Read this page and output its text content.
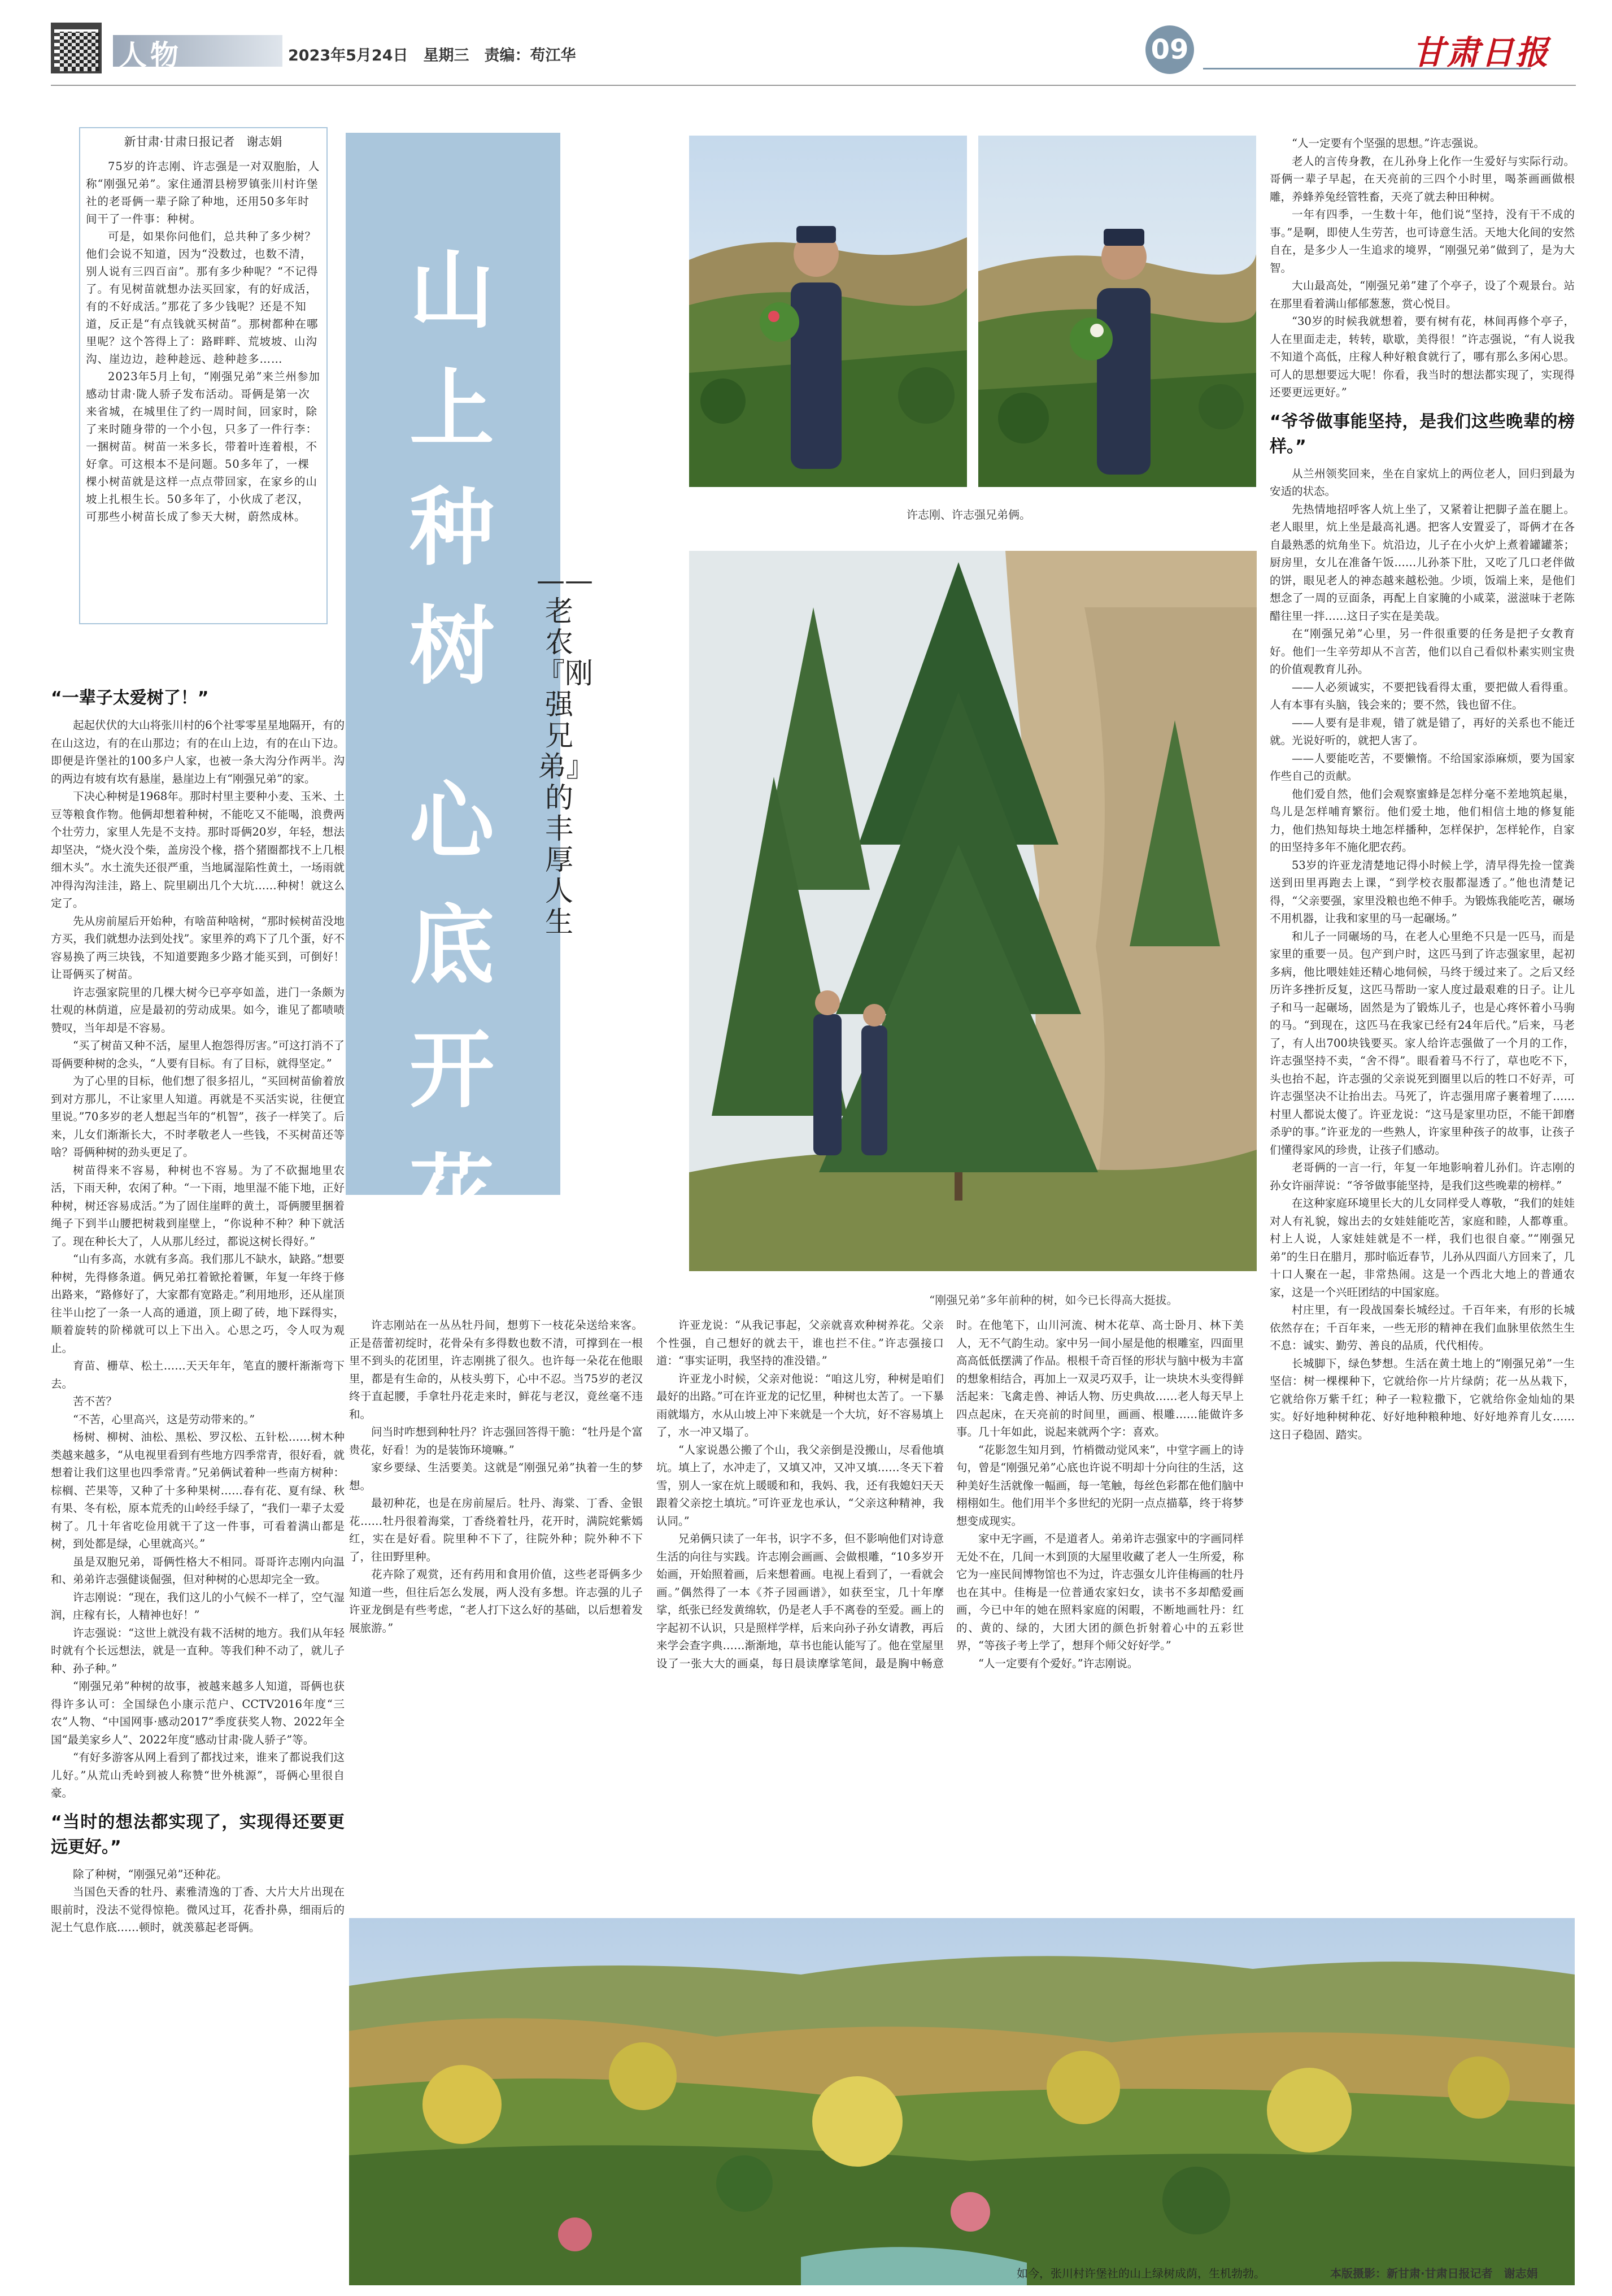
人物	2023年5月24日　星期三　责编：苟江华	09	甘肃日报
新甘肃·甘肃日报记者　谢志娟

75岁的许志刚、许志强是一对双胞胎，人称“刚强兄弟”。家住通渭县榜罗镇张川村许堡社的老哥俩一辈子除了种地，还用50多年时间干了一件事：种树。

可是，如果你问他们，总共种了多少树？他们会说不知道，因为“没数过，也数不清，别人说有三四百亩”。那有多少种呢？“不记得了。有见树苗就想办法买回家，有的好成活，有的不好成活。”那花了多少钱呢？还是不知道，反正是“有点钱就买树苗”。那树都种在哪里呢？这个答得上了：路畔畔、荒坡坡、山沟沟、崖边边，趁种趁远、趁种趁多……

2023年5月上旬，“刚强兄弟”来兰州参加感动甘肃·陇人骄子发布活动。哥俩是第一次来省城，在城里住了约一周时间，回家时，除了来时随身带的一个小包，只多了一件行李：一捆树苗。树苗一米多长，带着叶连着根，不好拿。可这根本不是问题。50多年了，一棵棵小树苗就是这样一点点带回家，在家乡的山坡上扎根生长。50多年了，小伙成了老汉，可那些小树苗长成了参天大树，蔚然成林。

山
上
种
树
心
底
开
花
——老农『刚强兄弟』的丰厚人生
许志刚、许志强兄弟俩。
“刚强兄弟”多年前种的树，如今已长得高大挺拔。
“一辈子太爱树了！”

起起伏伏的大山将张川村的6个社零零星星地隔开，有的在山这边，有的在山那边；有的在山上边，有的在山下边。即便是许堡社的100多户人家，也被一条大沟分作两半。沟的两边有坡有坎有悬崖，悬崖边上有“刚强兄弟”的家。

下决心种树是1968年。那时村里主要种小麦、玉米、土豆等粮食作物。他俩却想着种树，不能吃又不能喝，浪费两个壮劳力，家里人先是不支持。那时哥俩20岁，年轻，想法却坚决，“烧火没个柴，盖房没个椽，搭个猪圈都找不上几根细木头”。水土流失还很严重，当地属湿陷性黄土，一场雨就冲得沟沟洼洼，路上、院里刷出几个大坑……种树！就这么定了。

先从房前屋后开始种，有啥苗种啥树，“那时候树苗没地方买，我们就想办法到处找”。家里养的鸡下了几个蛋，好不容易换了两三块钱，不知道要跑多少路才能买到，可倒好！让哥俩买了树苗。

许志强家院里的几棵大树今已亭亭如盖，进门一条颇为壮观的林荫道，应是最初的劳动成果。如今，谁见了都啧啧赞叹，当年却是不容易。

“买了树苗又种不活，屋里人抱怨得厉害。”可这打消不了哥俩要种树的念头，“人要有目标。有了目标，就得坚定。”

为了心里的目标，他们想了很多招儿，“买回树苗偷着放到对方那儿，不让家里人知道。再就是不买活实说，往便宜里说。”70多岁的老人想起当年的“机智”，孩子一样笑了。后来，儿女们渐渐长大，不时孝敬老人一些钱，不买树苗还等啥？哥俩种树的劲头更足了。

树苗得来不容易，种树也不容易。为了不砍掘地里农活，下雨天种，农闲了种。“一下雨，地里湿不能下地，正好种树，树还容易成活。”为了固住崖畔的黄土，哥俩腰里捆着绳子下到半山腰把树栽到崖壁上，“你说种不种？种下就活了。现在种长大了，人从那儿经过，都说这树长得好。”

“山有多高，水就有多高。我们那儿不缺水，缺路。”想要种树，先得修条道。俩兄弟扛着锨抡着镢，年复一年终于修出路来，“路修好了，大家都有宽路走。”利用地形，还从崖顶往半山挖了一条一人高的通道，顶上砌了砖，地下踩得实，顺着旋转的阶梯就可以上下出入。心思之巧，令人叹为观止。

育苗、栅草、松土……天天年年，笔直的腰杆渐渐弯下去。

苦不苦？

“不苦，心里高兴，这是劳动带来的。”

杨树、柳树、油松、黑松、罗汉松、五针松……树木种类越来越多，“从电视里看到有些地方四季常青，很好看，就想着让我们这里也四季常青。”兄弟俩试着种一些南方树种：棕榈、芒果等，又种了十多种果树……春有花、夏有绿、秋有果、冬有松，原本荒秃的山岭经手绿了，“我们一辈子太爱树了。几十年省吃俭用就干了这一件事，可看着满山都是树，到处都是绿，心里就高兴。”

虽是双胞兄弟，哥俩性格大不相同。哥哥许志刚内向温和、弟弟许志强健谈倔强，但对种树的心思却完全一致。

许志刚说：“现在，我们这儿的小气候不一样了，空气湿润，庄稼有长，人精神也好！”

许志强说：“这世上就没有栽不活树的地方。我们从年轻时就有个长远想法，就是一直种。等我们种不动了，就儿子种、孙子种。”

“刚强兄弟”种树的故事，被越来越多人知道，哥俩也获得许多认可：全国绿色小康示范户、CCTV2016年度“三农”人物、“中国网事·感动2017”季度获奖人物、2022年全国“最美家乡人”、2022年度“感动甘肃·陇人骄子”等。

“有好多游客从网上看到了都找过来，谁来了都说我们这儿好。”从荒山秃岭到被人称赞“世外桃源”，哥俩心里很自豪。

“当时的想法都实现了，实现得还要更远更好。”

除了种树，“刚强兄弟”还种花。

当国色天香的牡丹、素雅清逸的丁香、大片大片出现在眼前时，没法不觉得惊艳。微风过耳，花香扑鼻，细雨后的泥土气息作底……顿时，就羡慕起老哥俩。

许志刚站在一丛丛牡丹间，想剪下一枝花朵送给来客。正是蓓蕾初绽时，花骨朵有多得数也数不清，可撑到在一根里不到头的花团里，许志刚挑了很久。也许每一朵花在他眼里，都是有生命的，从枝头剪下，心中不忍。当75岁的老汉终于直起腰，手拿牡丹花走来时，鲜花与老汉，竟丝毫不违和。

问当时咋想到种牡丹？许志强回答得干脆：“牡丹是个富贵花，好看！为的是装饰环境嘛。”

家乡要绿、生活要美。这就是“刚强兄弟”执着一生的梦想。

最初种花，也是在房前屋后。牡丹、海棠、丁香、金银花……牡丹很着海棠，丁香绕着牡丹，花开时，满院姹紫嫣红，实在是好看。院里种不下了，往院外种；院外种不下了，往田野里种。

花卉除了观赏，还有药用和食用价值，这些老哥俩多少知道一些，但往后怎么发展，两人没有多想。许志强的儿子许亚龙倒是有些考虑，“老人打下这么好的基础，以后想着发展旅游。”

许亚龙说：“从我记事起，父亲就喜欢种树养花。父亲个性强，自己想好的就去干，谁也拦不住。”许志强接口道：“事实证明，我坚持的准没错。”

许亚龙小时候，父亲对他说：“咱这儿穷，种树是咱们最好的出路。”可在许亚龙的记忆里，种树也太苦了。一下暴雨就塌方，水从山坡上冲下来就是一个大坑，好不容易填上了，水一冲又塌了。

“人家说愚公搬了个山，我父亲倒是没搬山，尽看他填坑。填上了，水冲走了，又填又冲，又冲又填……冬天下着雪，别人一家在炕上暖暖和和，我妈、我，还有我媳妇天天跟着父亲挖土填坑。”可许亚龙也承认，“父亲这种精神，我认同。”

兄弟俩只读了一年书，识字不多，但不影响他们对诗意生活的向往与实践。许志刚会画画、会做根雕，“10多岁开始画，开始照着画，后来想着画。电视上看到了，一看就会画。”偶然得了一本《芥子园画谱》，如获至宝，几十年摩挲，纸张已经发黄绵软，仍是老人手不离卷的至爱。画上的字起初不认识，只是照样学样，后来向孙子孙女请教，再后来学会查字典……渐渐地，草书也能认能写了。他在堂屋里设了一张大大的画桌，每日晨读摩挲笔间，最是胸中畅意时。在他笔下，山川河流、树木花草、高士卧月、林下美人，无不气韵生动。家中另一间小屋是他的根雕室，四面里高高低低摆满了作品。根根千奇百怪的形状与脑中极为丰富的想象相结合，再加上一双灵巧双手，让一块块木头变得鲜活起来：飞禽走兽、神话人物、历史典故……老人每天早上四点起床，在天亮前的时间里，画画、根雕……能做许多事。几十年如此，说起来就两个字：喜欢。

“花影忽生知月到，竹梢微动觉风来”，中堂字画上的诗句，曾是“刚强兄弟”心底也许说不明却十分向往的生活，这种美好生活就像一幅画，每一笔触，每丝色彩都在他们脑中栩栩如生。他们用半个多世纪的光阴一点点描摹，终于将梦想变成现实。

家中无字画，不是道者人。弟弟许志强家中的字画同样无处不在，几间一木到顶的大屋里收藏了老人一生所爱，称它为一座民间博物馆也不为过，许志强女儿许佳梅画的牡丹也在其中。佳梅是一位普通农家妇女，读书不多却酷爱画画，今已中年的她在照料家庭的闲暇，不断地画牡丹：红的、黄的、绿的，大团大团的颜色折射着心中的五彩世界，“等孩子考上学了，想拜个师父好好学。”

“人一定要有个爱好。”许志刚说。

“人一定要有个坚强的思想。”许志强说。

老人的言传身教，在儿孙身上化作一生爱好与实际行动。哥俩一辈子早起，在天亮前的三四个小时里，喝茶画画做根雕，养蜂养兔经管牲畜，天亮了就去种田种树。

一年有四季，一生数十年，他们说“坚持，没有干不成的事。”是啊，即使人生劳苦，也可诗意生活。天地大化间的安然自在，是多少人一生追求的境界，“刚强兄弟”做到了，是为大智。

大山最高处，“刚强兄弟”建了个亭子，设了个观景台。站在那里看着满山郁郁葱葱，赏心悦目。

“30岁的时候我就想着，要有树有花，林间再修个亭子，人在里面走走，转转，歇歇，美得很！”许志强说，“有人说我不知道个高低，庄稼人种好粮食就行了，哪有那么多闲心思。可人的思想要远大呢！你看，我当时的想法都实现了，实现得还要更远更好。”

“爷爷做事能坚持，是我们这些晚辈的榜样。”

从兰州领奖回来，坐在自家炕上的两位老人，回归到最为安适的状态。

先热情地招呼客人炕上坐了，又紧着让把脚子盖在腿上。老人眼里，炕上坐是最高礼遇。把客人安置妥了，哥俩才在各自最熟悉的炕角坐下。炕沿边，儿子在小火炉上煮着罐罐茶；厨房里，女儿在准备午饭……儿孙茶下肚，又吃了几口老伴做的饼，眼见老人的神态越来越松弛。少顷，饭端上来，是他们想念了一周的豆面条，再配上自家腌的小咸菜，滋滋味于老陈醋往里一拌……这日子实在是美哉。

在“刚强兄弟”心里，另一件很重要的任务是把子女教育好。他们一生辛劳却从不言苦，他们以自己看似朴素实则宝贵的价值观教育儿孙。

——人必须诚实，不要把钱看得太重，要把做人看得重。人有本事有头脑，钱会来的；要不然，钱也留不住。

——人要有是非观，错了就是错了，再好的关系也不能迁就。光说好听的，就把人害了。

——人要能吃苦，不要懒惰。不给国家添麻烦，要为国家作些自己的贡献。

他们爱自然，他们会观察蜜蜂是怎样分毫不差地筑起巢，鸟儿是怎样哺育繁衍。他们爱土地，他们相信土地的修复能力，他们热知每块土地怎样播种，怎样保护，怎样轮作，自家的田坚持多年不施化肥农药。

53岁的许亚龙清楚地记得小时候上学，清早得先捡一筐粪送到田里再跑去上课，“到学校衣服都湿透了。”他也清楚记得，“父亲要强，家里没粮也绝不伸手。为锻炼我能吃苦，碾场不用机器，让我和家里的马一起碾场。”

和儿子一同碾场的马，在老人心里绝不只是一匹马，而是家里的重要一员。包产到户时，这匹马到了许志强家里，起初多病，他比喂娃娃还精心地伺候，马终于缓过来了。之后又经历许多挫折反复，这匹马帮助一家人度过最艰难的日子。让儿子和马一起碾场，固然是为了锻炼儿子，也是心疼怀着小马驹的马。“到现在，这匹马在我家已经有24年后代。”后来，马老了，有人出700块钱要买。家人给许志强做了一个月的工作，许志强坚持不卖，“舍不得”。眼看着马不行了，草也吃不下，头也抬不起，许志强的父亲说死到圈里以后的牲口不好弄，可许志强坚决不让抬出去。马死了，许志强用席子裹着埋了……村里人都说太傻了。许亚龙说：“这马是家里功臣，不能干卸磨杀驴的事。”许亚龙的一些熟人，许家里种孩子的故事，让孩子们懂得家风的珍贵，让孩子们感动。

老哥俩的一言一行，年复一年地影响着儿孙们。许志刚的孙女许丽萍说：“爷爷做事能坚持，是我们这些晚辈的榜样。”

在这种家庭环境里长大的儿女同样受人尊敬，“我们的娃娃对人有礼貌，嫁出去的女娃娃能吃苦，家庭和睦，人都尊重。村上人说，人家娃娃就是不一样，我们也很自豪。”“刚强兄弟”的生日在腊月，那时临近春节，儿孙从四面八方回来了，几十口人聚在一起，非常热闹。这是一个西北大地上的普通农家，这是一个兴旺团结的中国家庭。

村庄里，有一段战国秦长城经过。千百年来，有形的长城依然存在；千百年来，一些无形的精神在我们血脉里依然生生不息：诚实、勤劳、善良的品质，代代相传。

长城脚下，绿色梦想。生活在黄土地上的“刚强兄弟”一生坚信：树一棵棵种下，它就给你一片片绿荫；花一丛丛栽下，它就给你万紫千红；种子一粒粒撒下，它就给你金灿灿的果实。好好地种树种花、好好地种粮种地、好好地养育儿女……这日子稳固、踏实。

如今，张川村许堡社的山上绿树成荫，生机勃勃。	本版摄影：新甘肃·甘肃日报记者　谢志娟
